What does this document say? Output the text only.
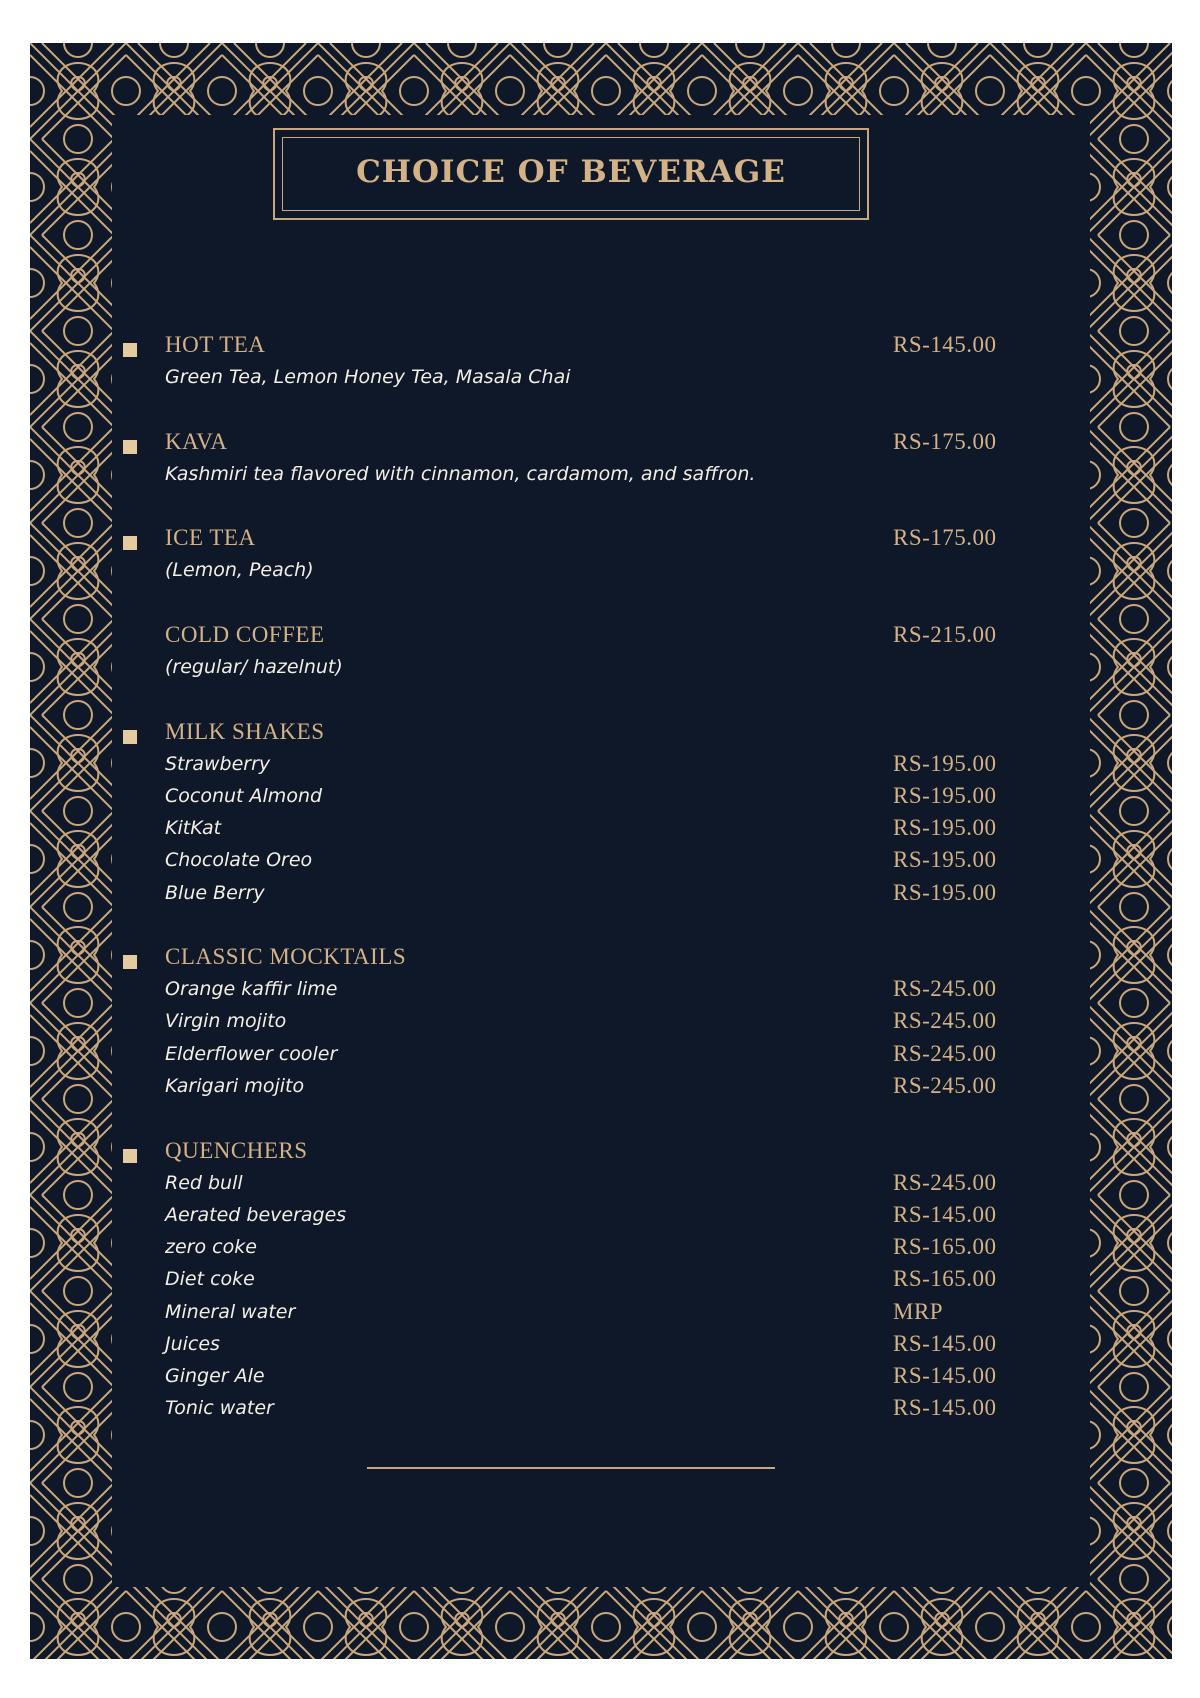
CHOICE OF BEVERAGE
HOT TEA	RS-145.00
Green Tea, Lemon Honey Tea, Masala Chai
KAVA	RS-175.00
Kashmiri tea flavored with cinnamon, cardamom, and saffron.
ICE TEA	RS-175.00
(Lemon, Peach)
COLD COFFEE	RS-215.00
(regular/ hazelnut)
MILK SHAKES
Strawberry	RS-195.00
Coconut Almond	RS-195.00
KitKat	RS-195.00
Chocolate Oreo	RS-195.00
Blue Berry	RS-195.00
CLASSIC MOCKTAILS
Orange kaffir lime	RS-245.00
Virgin mojito	RS-245.00
Elderflower cooler	RS-245.00
Karigari mojito	RS-245.00
QUENCHERS
Red bull	RS-245.00
Aerated beverages	RS-145.00
zero coke	RS-165.00
Diet coke	RS-165.00
Mineral water	MRP
Juices	RS-145.00
Ginger Ale	RS-145.00
Tonic water	RS-145.00
